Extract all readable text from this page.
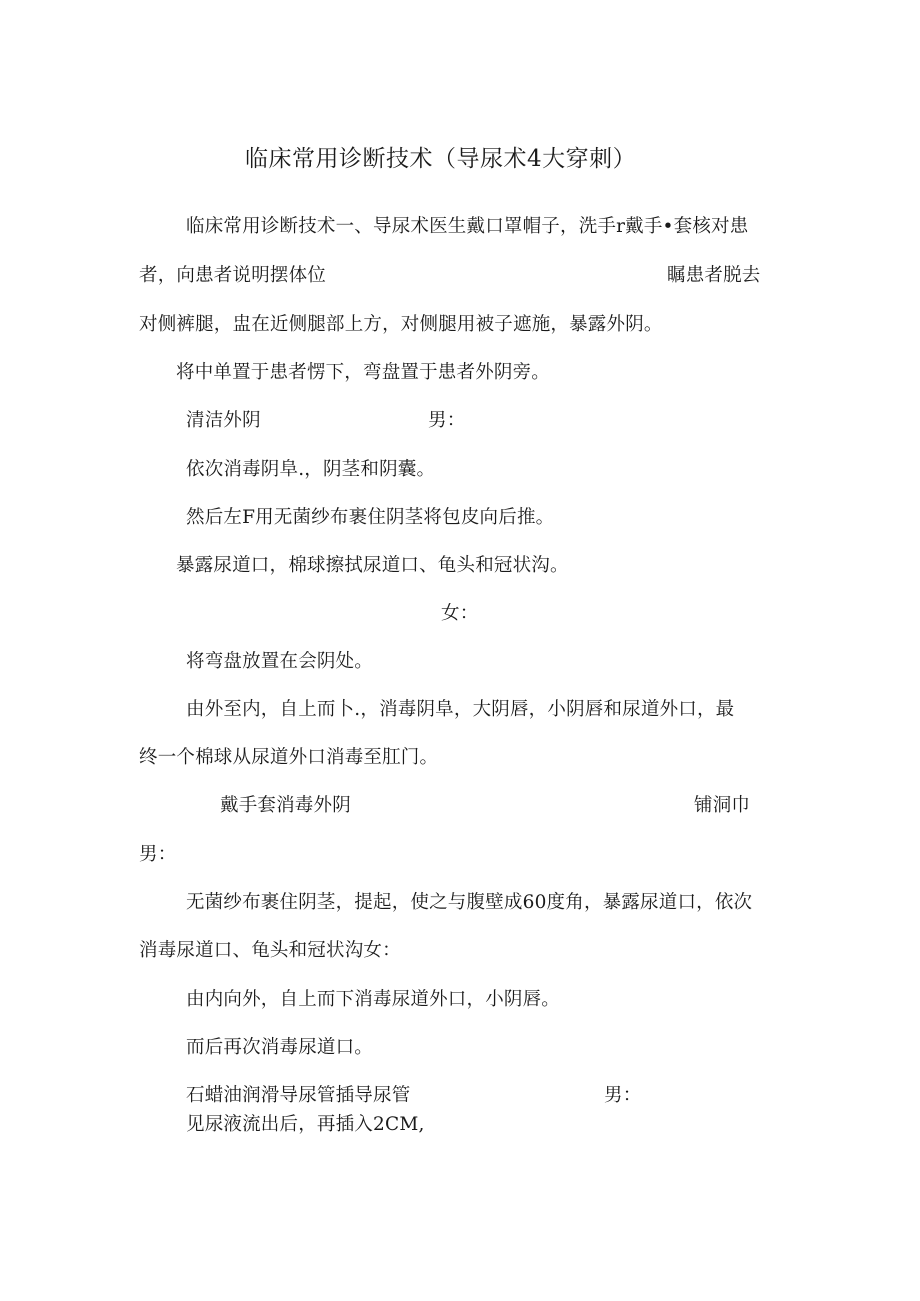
临床常用诊断技术（导尿术4大穿刺）
临床常用诊断技术一、导尿术医生戴口罩帽子，洗手r戴手•套核对患
者，向患者说明摆体位	瞩患者脱去
对侧裤腿，盅在近侧腿部上方，对侧腿用被子遮施，暴露外阴。
将中单置于患者愣下，弯盘置于患者外阴旁。
清洁外阴	男：
依次消毒阴阜.，阴茎和阴囊。
然后左F用无菌纱布裹住阴茎将包皮向后推。
暴露尿道口，棉球擦拭尿道口、龟头和冠状沟。
女：
将弯盘放置在会阴处。
由外至内，自上而卜.，消毒阴阜，大阴唇，小阴唇和尿道外口，最
终一个棉球从尿道外口消毒至肛门。
戴手套消毒外阴	铺洞巾
男：
无菌纱布裹住阴茎，提起，使之与腹壁成60度角，暴露尿道口，依次
消毒尿道口、龟头和冠状沟女：
由内向外，自上而下消毒尿道外口，小阴唇。
而后再次消毒尿道口。
石蜡油润滑导尿管插导尿管	男：
见尿液流出后，再插入2CM,
